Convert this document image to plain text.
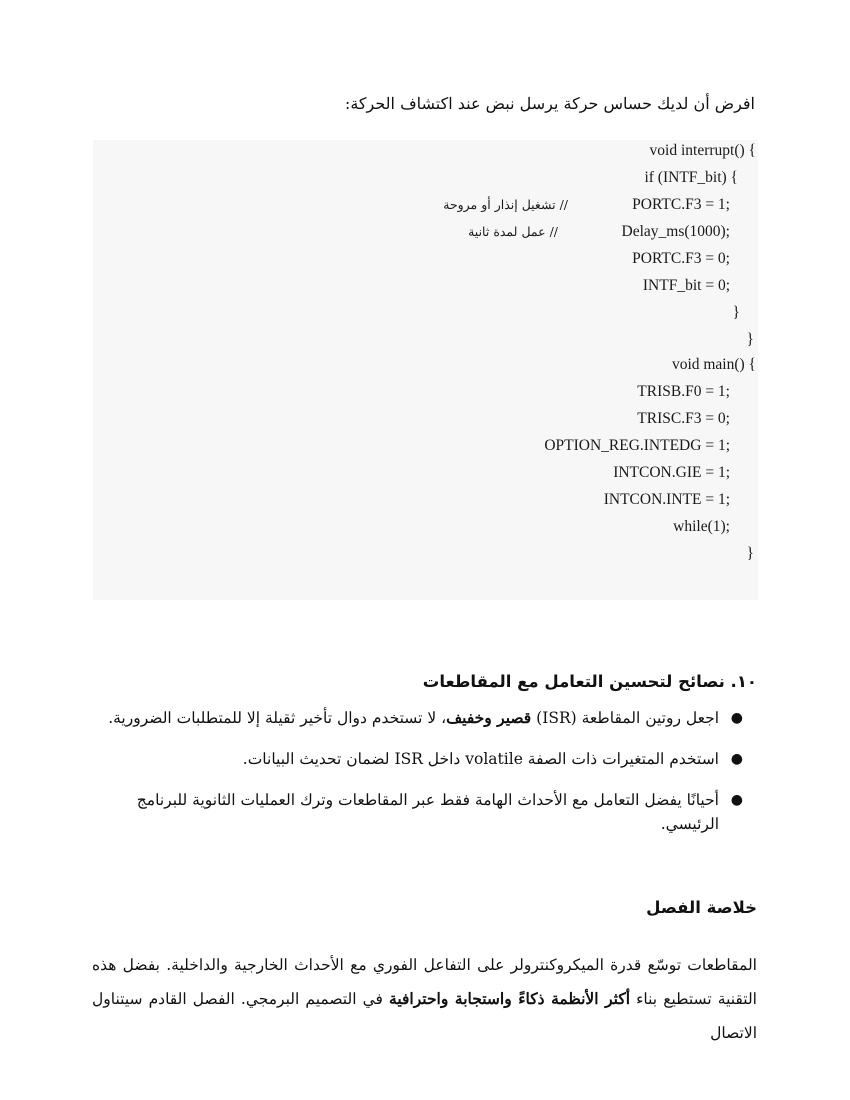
افرض أن لديك حساس حركة يرسل نبض عند اكتشاف الحركة:
void interrupt() {
if (INTF_bit) {
PORTC.F3 = 1;
// تشغيل إنذار أو مروحة
Delay_ms(1000);
// عمل لمدة ثانية
PORTC.F3 = 0;
INTF_bit = 0;
}
}
void main() {
TRISB.F0 = 1;
TRISC.F3 = 0;
OPTION_REG.INTEDG = 1;
INTCON.GIE = 1;
INTCON.INTE = 1;
while(1);
}
١٠. نصائح لتحسين التعامل مع المقاطعات
●
اجعل روتين المقاطعة (ISR) قصير وخفيف، لا تستخدم دوال تأخير ثقيلة إلا للمتطلبات الضرورية.
●
استخدم المتغيرات ذات الصفة volatile داخل ISR لضمان تحديث البيانات.
●
أحيانًا يفضل التعامل مع الأحداث الهامة فقط عبر المقاطعات وترك العمليات الثانوية للبرنامج الرئيسي.
خلاصة الفصل

المقاطعات توسّع قدرة الميكروكنترولر على التفاعل الفوري مع الأحداث الخارجية والداخلية. بفضل هذه التقنية تستطيع بناء أكثر الأنظمة ذكاءً واستجابة واحترافية في التصميم البرمجي. الفصل القادم سيتناول الاتصال
